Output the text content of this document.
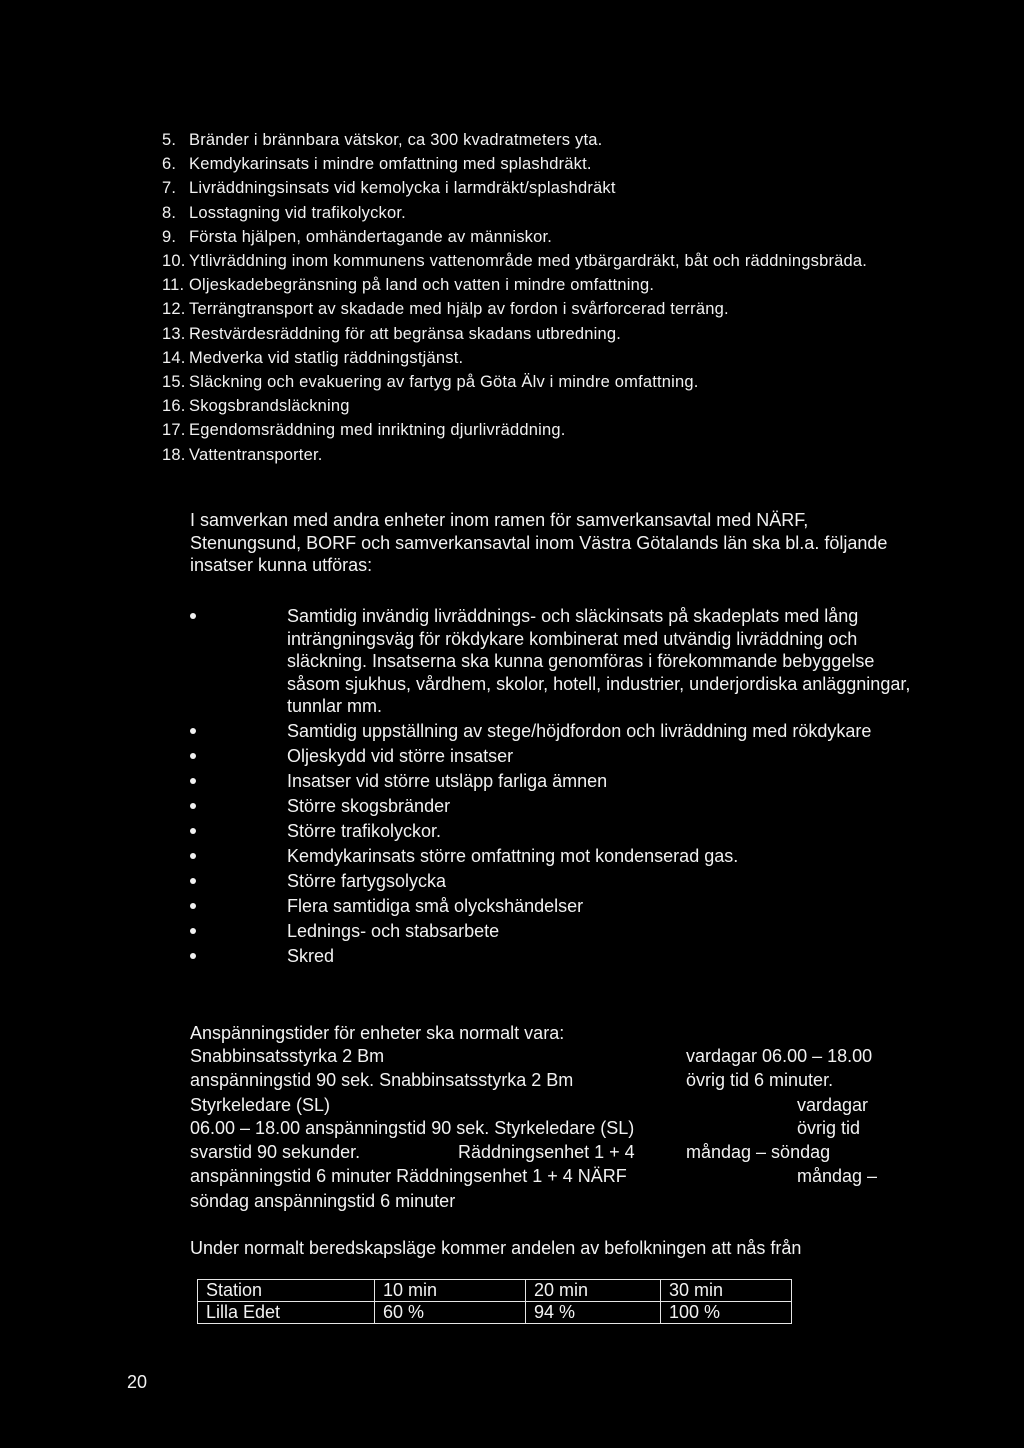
5. Bränder i brännbara vätskor, ca 300 kvadratmeters yta.
6. Kemdykarinsats i mindre omfattning med splashdräkt.
7. Livräddningsinsats vid kemolycka i larmdräkt/splashdräkt
8. Losstagning vid trafikolyckor.
9. Första hjälpen, omhändertagande av människor.
10. Ytlivräddning inom kommunens vattenområde med ytbärgardräkt, båt och räddningsbräda.
11. Oljeskadebegränsning på land och vatten i mindre omfattning.
12. Terrängtransport av skadade med hjälp av fordon i svårforcerad terräng.
13. Restvärdesräddning för att begränsa skadans utbredning.
14. Medverka vid statlig räddningstjänst.
15. Släckning och evakuering av fartyg på Göta Älv i mindre omfattning.
16. Skogsbrandsläckning
17. Egendomsräddning med inriktning djurlivräddning.
18. Vattentransporter.
I samverkan med andra enheter inom ramen för samverkansavtal med NÄRF, Stenungsund, BORF och samverkansavtal inom Västra Götalands län ska bl.a. följande insatser kunna utföras:
Samtidig invändig livräddnings- och släckinsats på skadeplats med lång inträngningsväg för rökdykare kombinerat med utvändig livräddning och släckning. Insatserna ska kunna genomföras i förekommande bebyggelse såsom sjukhus, vårdhem, skolor, hotell, industrier, underjordiska anläggningar, tunnlar mm.
Samtidig uppställning av stege/höjdfordon och livräddning med rökdykare
Oljeskydd vid större insatser
Insatser vid större utsläpp farliga ämnen
Större skogsbränder
Större trafikolyckor.
Kemdykarinsats större omfattning mot kondenserad gas.
Större fartygsolycka
Flera samtidiga små olyckshändelser
Lednings- och stabsarbete
Skred
Anspänningstider för enheter ska normalt vara:
Snabbinsatsstyrka 2 Bm	vardagar 06.00 – 18.00
anspänningstid 90 sek. Snabbinsatsstyrka 2 Bm	övrig tid 6 minuter.
Styrkeledare (SL)	vardagar
06.00 – 18.00 anspänningstid 90 sek. Styrkeledare (SL)	övrig tid
svarstid 90 sekunder.	Räddningsenhet 1 + 4	måndag – söndag
anspänningstid 6 minuter Räddningsenhet 1 + 4 NÄRF	måndag –
söndag anspänningstid 6 minuter
Under normalt beredskapsläge kommer andelen av befolkningen att nås från
Station	10 min	20 min	30 min
Lilla Edet	60 %	94 %	100 %
20
